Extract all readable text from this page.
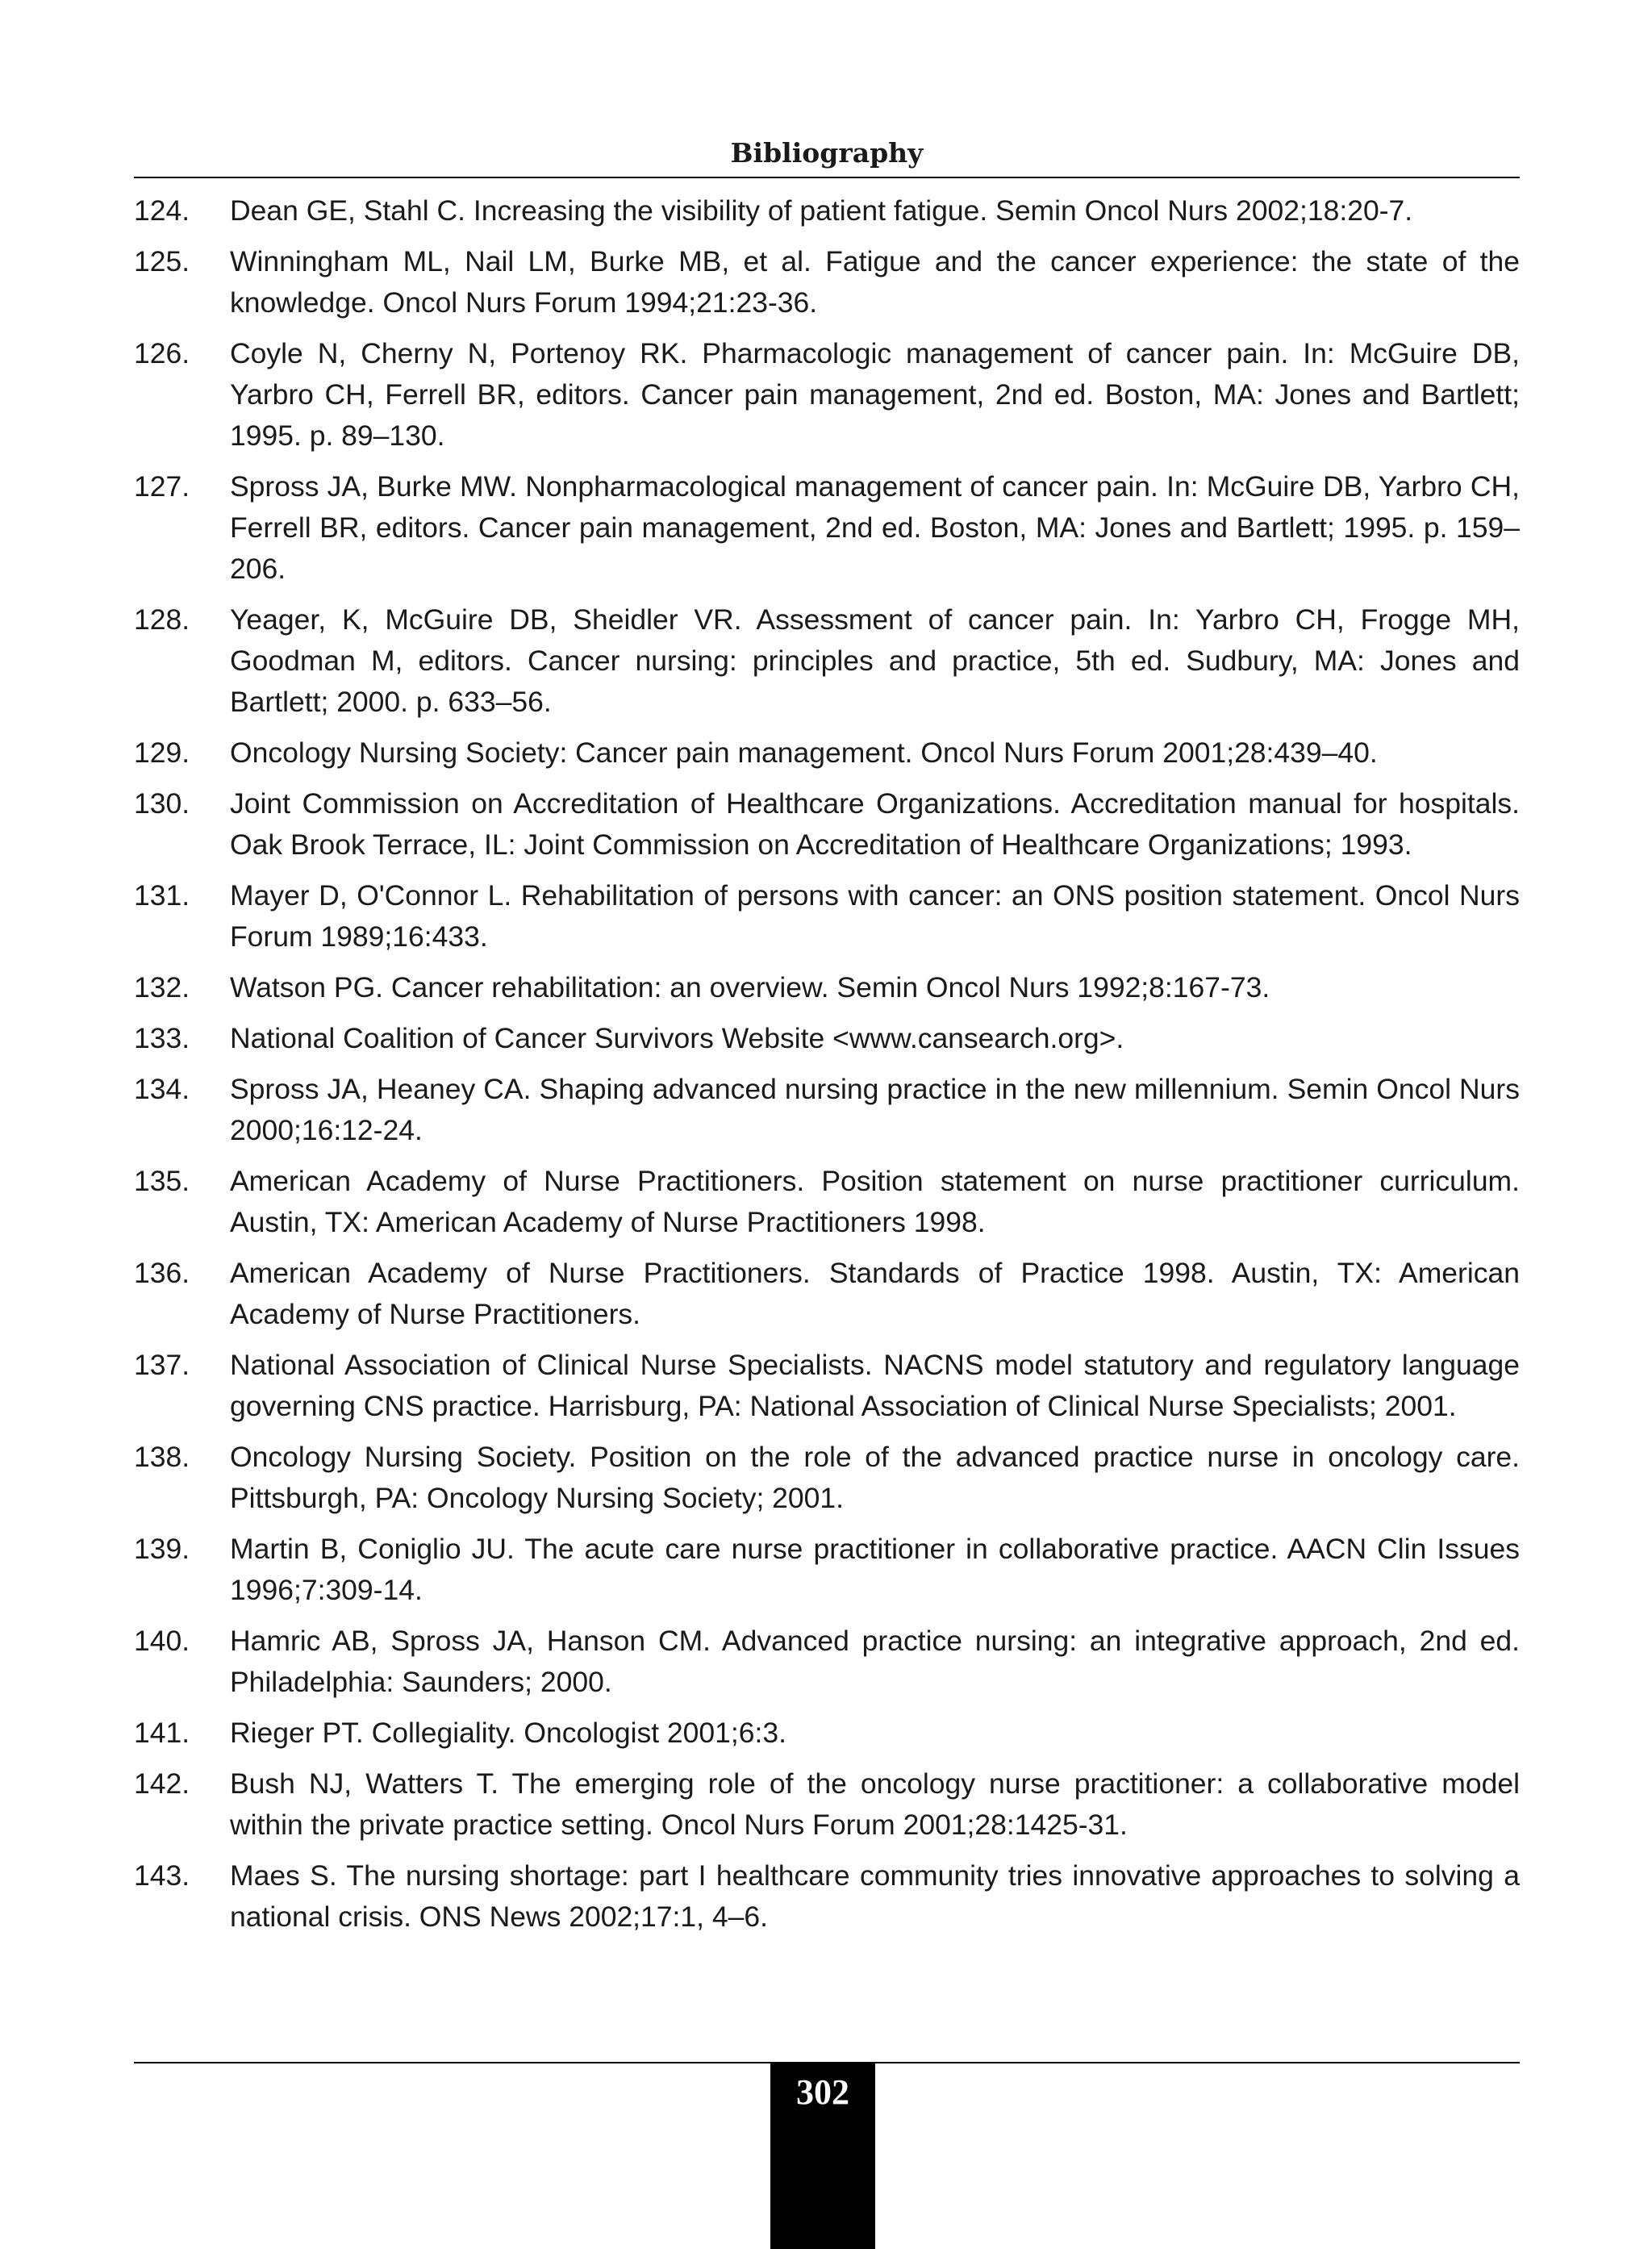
Bibliography
124. Dean GE, Stahl C. Increasing the visibility of patient fatigue. Semin Oncol Nurs 2002;18:20-7.
125. Winningham ML, Nail LM, Burke MB, et al. Fatigue and the cancer experience: the state of the knowledge. Oncol Nurs Forum 1994;21:23-36.
126. Coyle N, Cherny N, Portenoy RK. Pharmacologic management of cancer pain. In: McGuire DB, Yarbro CH, Ferrell BR, editors. Cancer pain management, 2nd ed. Boston, MA: Jones and Bartlett; 1995. p. 89–130.
127. Spross JA, Burke MW. Nonpharmacological management of cancer pain. In: McGuire DB, Yarbro CH, Ferrell BR, editors. Cancer pain management, 2nd ed. Boston, MA: Jones and Bartlett; 1995. p. 159–206.
128. Yeager, K, McGuire DB, Sheidler VR. Assessment of cancer pain. In: Yarbro CH, Frogge MH, Goodman M, editors. Cancer nursing: principles and practice, 5th ed. Sudbury, MA: Jones and Bartlett; 2000. p. 633–56.
129. Oncology Nursing Society: Cancer pain management. Oncol Nurs Forum 2001;28:439–40.
130. Joint Commission on Accreditation of Healthcare Organizations. Accreditation manual for hospitals. Oak Brook Terrace, IL: Joint Commission on Accreditation of Healthcare Organizations; 1993.
131. Mayer D, O'Connor L. Rehabilitation of persons with cancer: an ONS position statement. Oncol Nurs Forum 1989;16:433.
132. Watson PG. Cancer rehabilitation: an overview. Semin Oncol Nurs 1992;8:167-73.
133. National Coalition of Cancer Survivors Website <www.cansearch.org>.
134. Spross JA, Heaney CA. Shaping advanced nursing practice in the new millennium. Semin Oncol Nurs 2000;16:12-24.
135. American Academy of Nurse Practitioners. Position statement on nurse practitioner curriculum. Austin, TX: American Academy of Nurse Practitioners 1998.
136. American Academy of Nurse Practitioners. Standards of Practice 1998. Austin, TX: American Academy of Nurse Practitioners.
137. National Association of Clinical Nurse Specialists. NACNS model statutory and regulatory language governing CNS practice. Harrisburg, PA: National Association of Clinical Nurse Specialists; 2001.
138. Oncology Nursing Society. Position on the role of the advanced practice nurse in oncology care. Pittsburgh, PA: Oncology Nursing Society; 2001.
139. Martin B, Coniglio JU. The acute care nurse practitioner in collaborative practice. AACN Clin Issues 1996;7:309-14.
140. Hamric AB, Spross JA, Hanson CM. Advanced practice nursing: an integrative approach, 2nd ed. Philadelphia: Saunders; 2000.
141. Rieger PT. Collegiality. Oncologist 2001;6:3.
142. Bush NJ, Watters T. The emerging role of the oncology nurse practitioner: a collaborative model within the private practice setting. Oncol Nurs Forum 2001;28:1425-31.
143. Maes S. The nursing shortage: part I healthcare community tries innovative approaches to solving a national crisis. ONS News 2002;17:1, 4–6.
302
